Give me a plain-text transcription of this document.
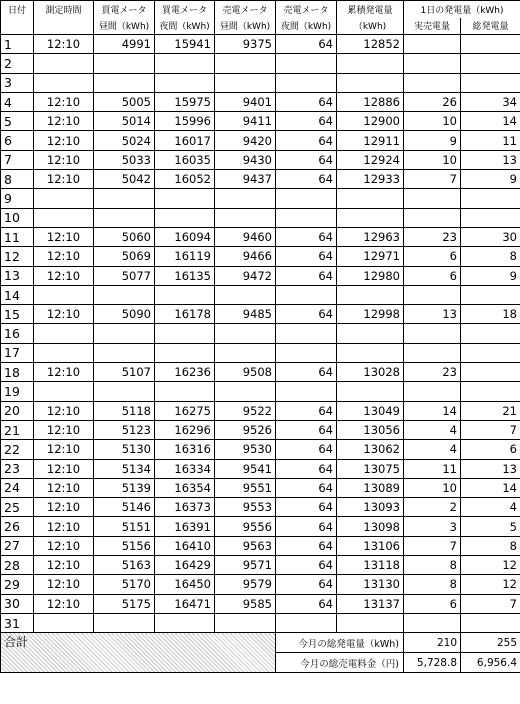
日付	測定時間	買電メータ	買電メータ	売電メータ	売電メータ	累積発電量	1日の発電量（kWh)	
		昼間（kWh)	夜間（kWh)	昼間（kWh)	夜間（kWh)	（kWh)	実売電量	総発電量
1	12:10	4991	15941	9375	64	12852		
2								
3								
4	12:10	5005	15975	9401	64	12886	26	34
5	12:10	5014	15996	9411	64	12900	10	14
6	12:10	5024	16017	9420	64	12911	9	11
7	12:10	5033	16035	9430	64	12924	10	13
8	12:10	5042	16052	9437	64	12933	7	9
9								
10								
11	12:10	5060	16094	9460	64	12963	23	30
12	12:10	5069	16119	9466	64	12971	6	8
13	12:10	5077	16135	9472	64	12980	6	9
14								
15	12:10	5090	16178	9485	64	12998	13	18
16								
17								
18	12:10	5107	16236	9508	64	13028	23	
19								
20	12:10	5118	16275	9522	64	13049	14	21
21	12:10	5123	16296	9526	64	13056	4	7
22	12:10	5130	16316	9530	64	13062	4	6
23	12:10	5134	16334	9541	64	13075	11	13
24	12:10	5139	16354	9551	64	13089	10	14
25	12:10	5146	16373	9553	64	13093	2	4
26	12:10	5151	16391	9556	64	13098	3	5
27	12:10	5156	16410	9563	64	13106	7	8
28	12:10	5163	16429	9571	64	13118	8	12
29	12:10	5170	16450	9579	64	13130	8	12
30	12:10	5175	16471	9585	64	13137	6	7
31								
合計					今月の総発電量（kWh)		210	255
					今月の総売電料金（円)		5,728.8	6,956.4
